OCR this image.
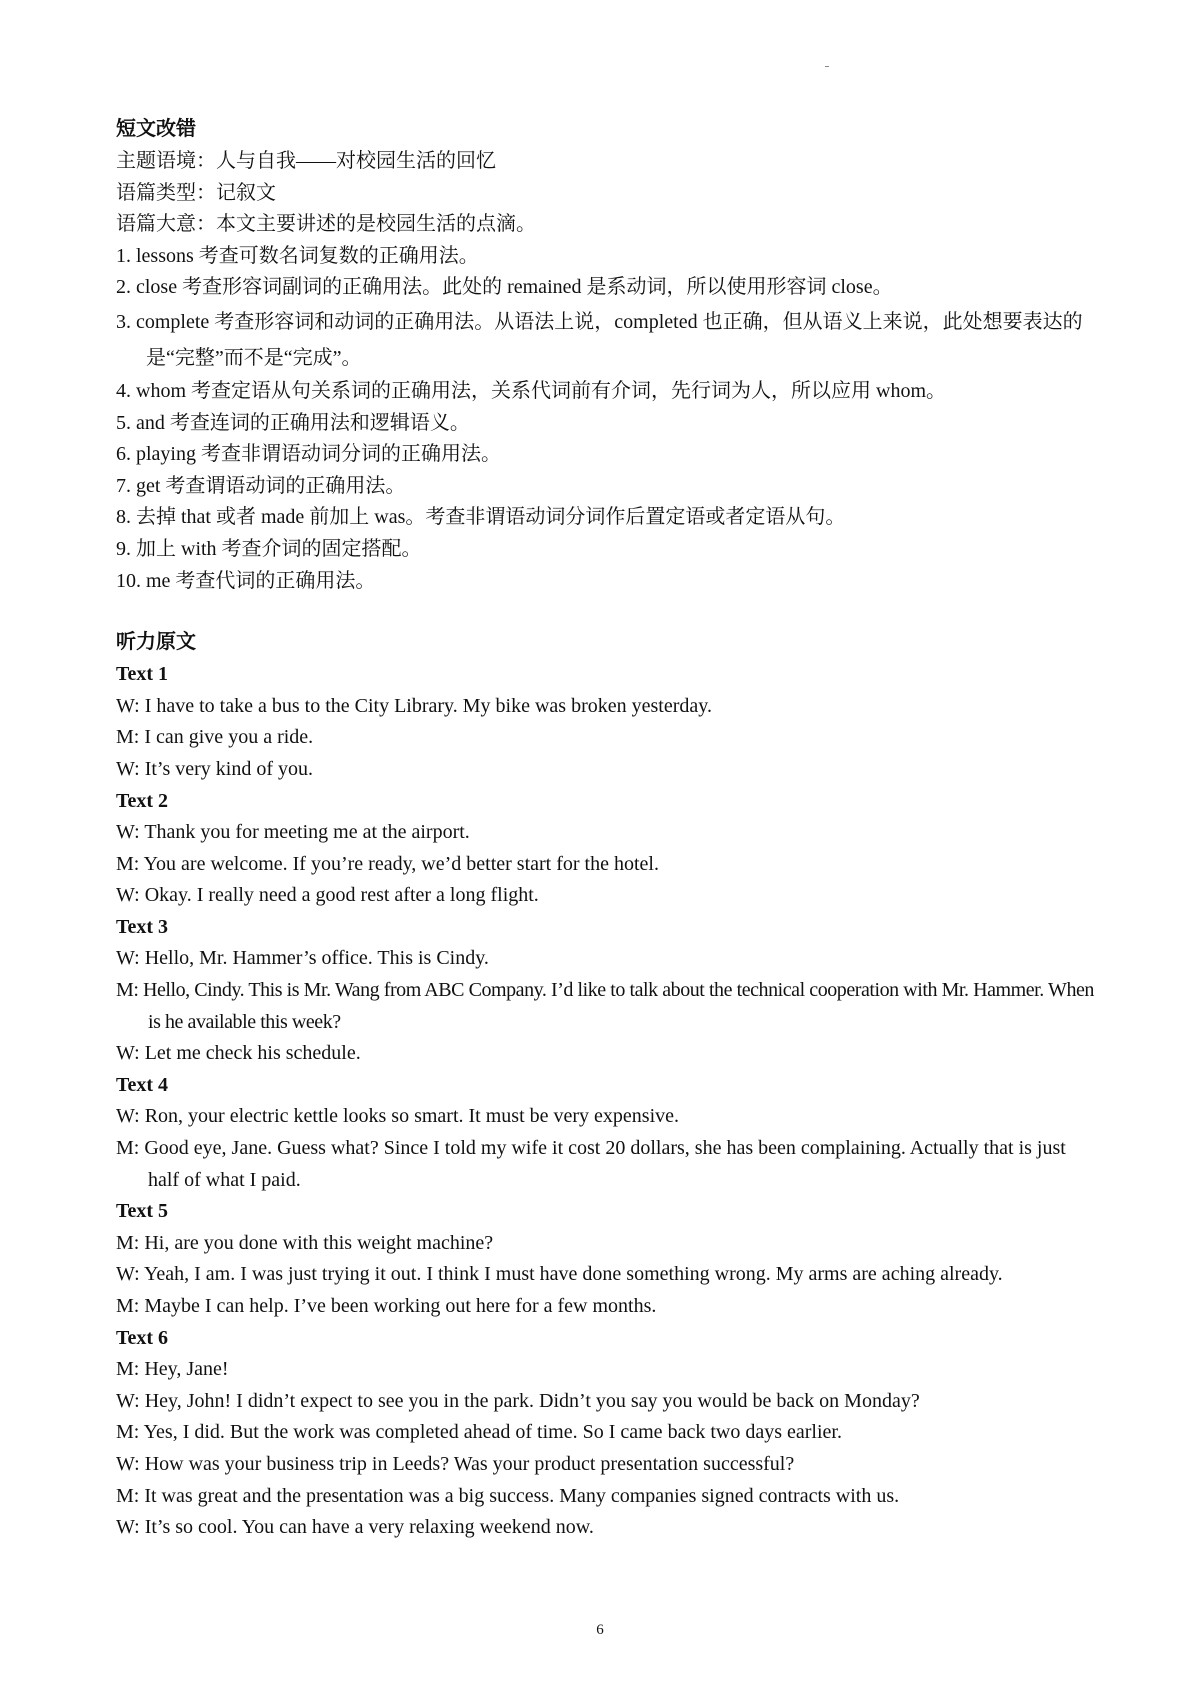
短文改错

主题语境：人与自我——对校园生活的回忆

语篇类型：记叙文

语篇大意：本文主要讲述的是校园生活的点滴。

1. lessons 考查可数名词复数的正确用法。

2. close 考查形容词副词的正确用法。此处的 remained 是系动词，所以使用形容词 close。

3. complete 考查形容词和动词的正确用法。从语法上说，completed 也正确，但从语义上来说，此处想要表达的是“完整”而不是“完成”。

4. whom 考查定语从句关系词的正确用法，关系代词前有介词，先行词为人，所以应用 whom。

5. and 考查连词的正确用法和逻辑语义。

6. playing 考查非谓语动词分词的正确用法。

7. get 考查谓语动词的正确用法。

8. 去掉 that 或者 made 前加上 was。考查非谓语动词分词作后置定语或者定语从句。

9. 加上 with 考查介词的固定搭配。

10. me 考查代词的正确用法。

听力原文
Text 1
W: I have to take a bus to the City Library. My bike was broken yesterday.
M: I can give you a ride.
W: It’s very kind of you.
Text 2
W: Thank you for meeting me at the airport.
M: You are welcome. If you’re ready, we’d better start for the hotel.
W: Okay. I really need a good rest after a long flight.
Text 3
W: Hello, Mr. Hammer’s office. This is Cindy.
M: Hello, Cindy. This is Mr. Wang from ABC Company. I’d like to talk about the technical cooperation with Mr. Hammer. When is he available this week?
W: Let me check his schedule.
Text 4
W: Ron, your electric kettle looks so smart. It must be very expensive.
M: Good eye, Jane. Guess what? Since I told my wife it cost 20 dollars, she has been complaining. Actually that is just half of what I paid.
Text 5
M: Hi, are you done with this weight machine?
W: Yeah, I am. I was just trying it out. I think I must have done something wrong. My arms are aching already.
M: Maybe I can help. I’ve been working out here for a few months.
Text 6
M: Hey, Jane!
W: Hey, John! I didn’t expect to see you in the park. Didn’t you say you would be back on Monday?
M: Yes, I did. But the work was completed ahead of time. So I came back two days earlier.
W: How was your business trip in Leeds? Was your product presentation successful?
M: It was great and the presentation was a big success. Many companies signed contracts with us.
W: It’s so cool. You can have a very relaxing weekend now.
6
